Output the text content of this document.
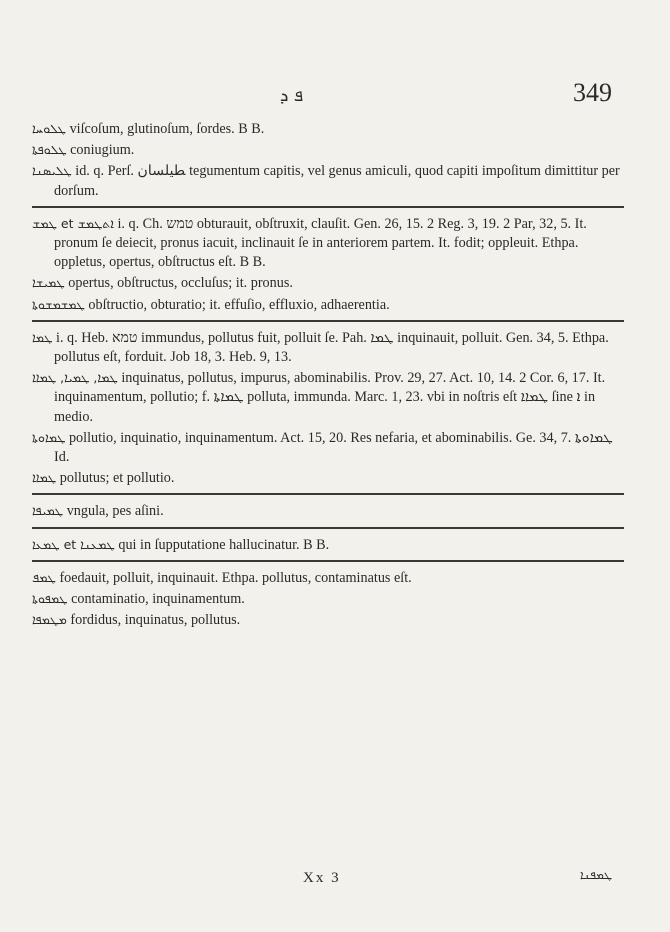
ܦ ܕ	349
ܛܠܘܚܐ viſcoſum, glutinoſum, ſordes. B B.
ܛܠܘܦܬܐ coniugium.
ܛܠܝܣܢܐ id. q. Perſ. ‍طيلسان tegumentum capitis, vel genus amiculi, quod capiti impoſitum dimittitur per dorſum.
ܛܡܫ et ܐܬܛܡܫ i. q. Ch. טמש obturauit, obſtruxit, clauſit. Gen. 26, 15. 2 Reg. 3, 19. 2 Par, 32, 5. It. pronum ſe deiecit, pronus iacuit, inclinauit ſe in anteriorem partem. It. fodit; oppleuit. Ethpa. oppletus, opertus, obſtructus eſt. B B.
ܛܡܝܫܐ opertus, obſtructus, occluſus; it. pronus.
ܛܡܫܡܫܘܬܐ obſtructio, obturatio; it. effuſio, effluxio, adhaerentia.
ܛܡܐ i. q. Heb. טמא immundus, pollutus fuit, polluit ſe. Pah. ܛܡܐ inquinauit, polluit. Gen. 34, 5. Ethpa. pollutus eſt, forduit. Job 18, 3. Heb. 9, 13.
ܛܡܐ, ܛܡܝܐ, ܛܡܐܐ inquinatus, pollutus, impurus, abominabilis. Prov. 29, 27. Act. 10, 14. 2 Cor. 6, 17. It. inquinamentum, pollutio; f. ܛܡܐܬܐ polluta, immunda. Marc. 1, 23. vbi in noſtris eſt ܛܡܐܐ ſine ܐ in medio.
ܛܡܐܘܬܐ pollutio, inquinatio, inquinamentum. Act. 15, 20. Res nefaria, et abominabilis. Ge. 34, 7. ܛܡܐܘܬܐ Id.
ܛܡܐܐ pollutus; et pollutio.
ܛܡܝܦܐ vngula, pes aſini.
ܛܡܥܐ et ܛܡܥܢܐ qui in ſupputatione hallucinatur. B B.
ܛܡܦ foedauit, polluit, inquinauit. Ethpa. pollutus, contaminatus eſt.
ܛܡܦܘܬܐ contaminatio, inquinamentum.
ܡܛܡܦܐ fordidus, inquinatus, pollutus.
Xx 3	ܛܡܦܢܐ
